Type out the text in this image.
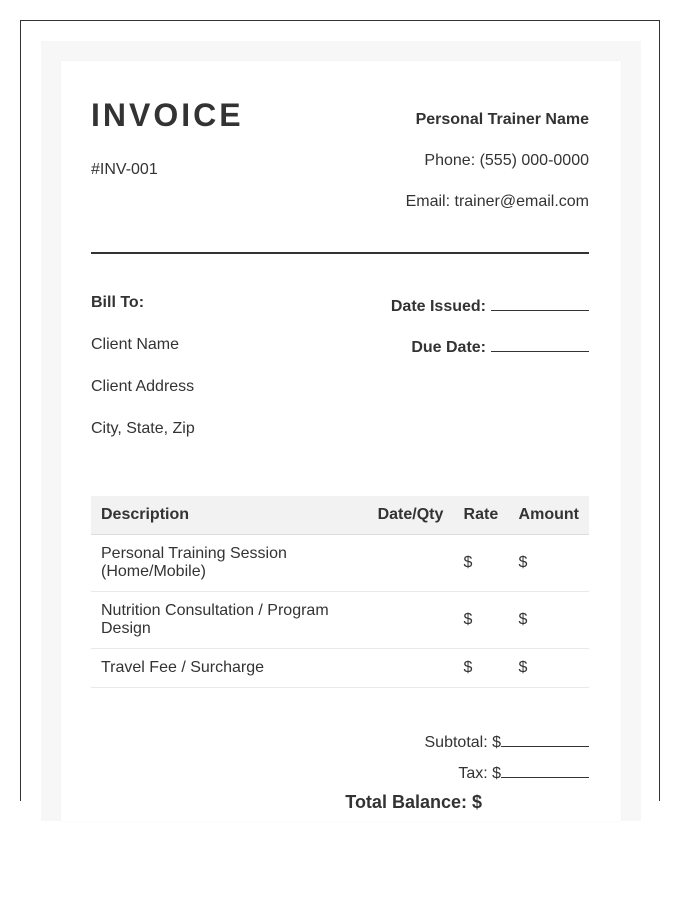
INVOICE
#INV-001
Personal Trainer Name
Phone: (555) 000-0000
Email: trainer@email.com
Bill To:
Client Name
Client Address
City, State, Zip
Date Issued:
Due Date:
Description	Date/Qty	Rate	Amount
Personal Training Session (Home/Mobile)		$	$
Nutrition Consultation / Program Design		$	$
Travel Fee / Surcharge		$	$
Subtotal: $
Tax: $
Total Balance: $
